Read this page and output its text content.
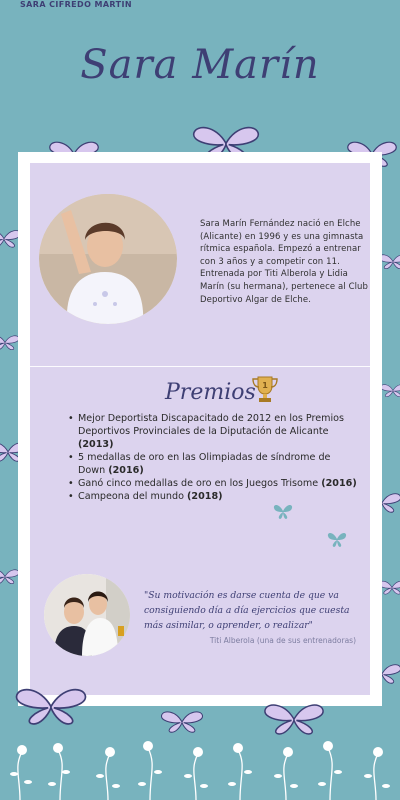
SARA CIFREDO MARTIN
Sara Marín
Sara Marín Fernández nació en Elche (Alicante) en 1996 y es una gimnasta rítmica española. Empezó a entrenar con 3 años y a competir con 11. Entrenada por Titi Alberola y Lidia Marín (su hermana), pertenece al Club Deportivo Algar de Elche.
Premios 1
• Mejor Deportista Discapacitado de 2012 en los Premios Deportivos Provinciales de la Diputación de Alicante (2013)
• 5 medallas de oro en las Olimpiadas de síndrome de Down (2016)
• Ganó cinco medallas de oro en los Juegos Trisome (2016)
• Campeona del mundo (2018)
"Su motivación es darse cuenta de que va consiguiendo día a día ejercicios que cuesta más asimilar, o aprender, o realizar"
Titi Alberola (una de sus entrenadoras)
